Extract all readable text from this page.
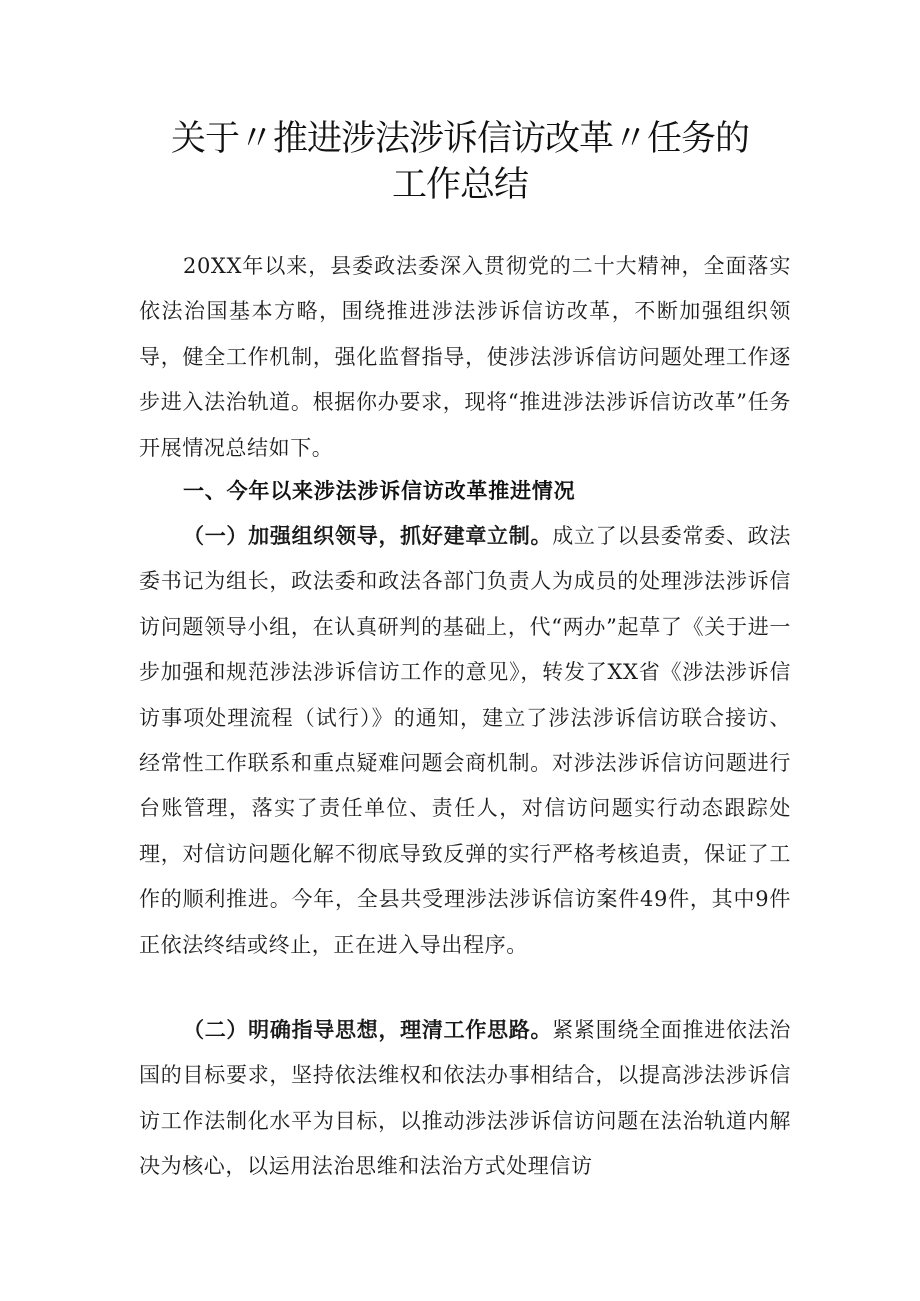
关于〃推进涉法涉诉信访改革〃任务的
工作总结

20XX年以来，县委政法委深入贯彻党的二十大精神，全面落实依法治国基本方略，围绕推进涉法涉诉信访改革，不断加强组织领导，健全工作机制，强化监督指导，使涉法涉诉信访问题处理工作逐步进入法治轨道。根据你办要求，现将“推进涉法涉诉信访改革”任务开展情况总结如下。

一、今年以来涉法涉诉信访改革推进情况

（一）加强组织领导，抓好建章立制。成立了以县委常委、政法委书记为组长，政法委和政法各部门负责人为成员的处理涉法涉诉信访问题领导小组，在认真研判的基础上，代“两办”起草了《关于进一步加强和规范涉法涉诉信访工作的意见》，转发了XX省《涉法涉诉信访事项处理流程（试行）》的通知，建立了涉法涉诉信访联合接访、经常性工作联系和重点疑难问题会商机制。对涉法涉诉信访问题进行台账管理，落实了责任单位、责任人，对信访问题实行动态跟踪处理，对信访问题化解不彻底导致反弹的实行严格考核追责，保证了工作的顺利推进。今年，全县共受理涉法涉诉信访案件49件，其中9件正依法终结或终止，正在进入导出程序。

（二）明确指导思想，理清工作思路。紧紧围绕全面推进依法治国的目标要求，坚持依法维权和依法办事相结合，以提高涉法涉诉信访工作法制化水平为目标，以推动涉法涉诉信访问题在法治轨道内解决为核心，以运用法治思维和法治方式处理信访
